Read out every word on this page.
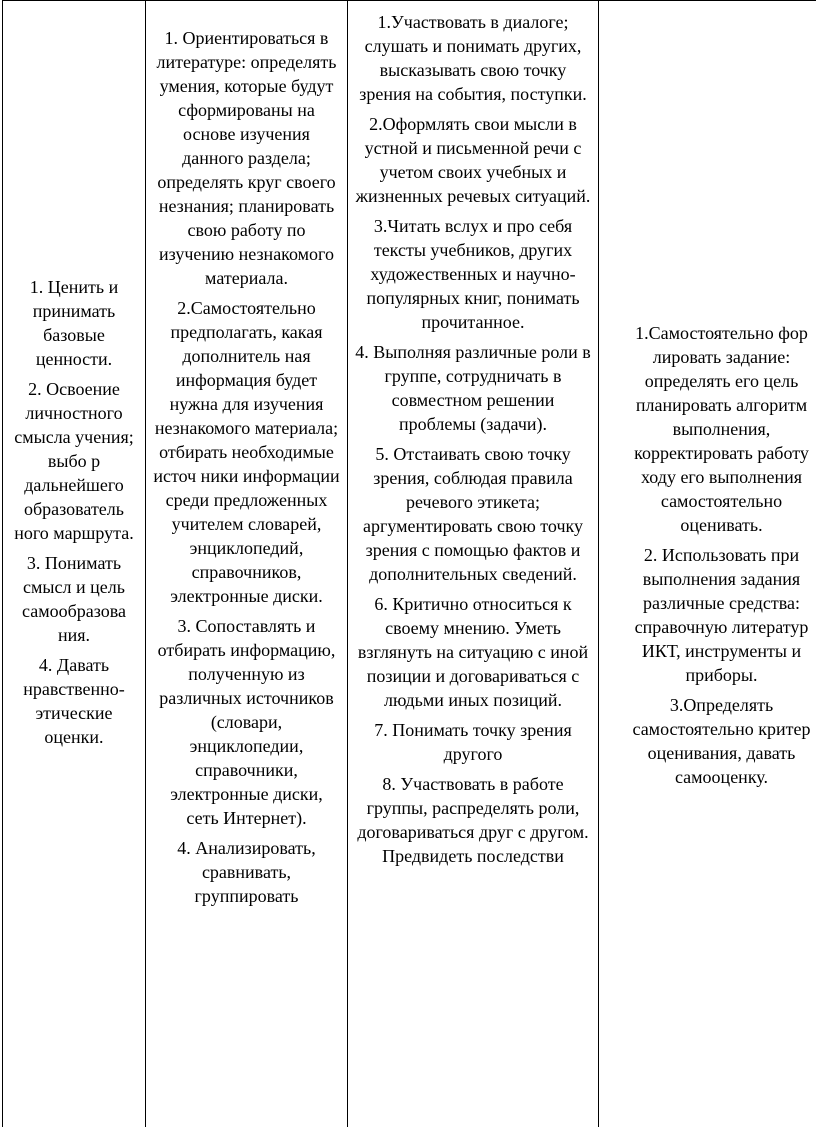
1. Ценить и принимать базовые ценности.

2. Освоение личностного смысла учения; выбо р дальнейшего образователь ного маршрута.

3. Понимать смысл и цель самообразова ния.

4. Давать нравственно-этические оценки.

1. Ориентироваться в литературе: определять умения, которые будут сформированы на основе изучения данного раздела; определять круг своего незнания; планировать свою работу по изучению незнакомого материала.

2.Самостоятельно предполагать, какая дополнитель ная информация будет нужна для изучения незнакомого материала; отбирать необходимые источ ники информации среди предложенных учителем словарей, энциклопедий, справочников, электронные диски.

3. Сопоставлять и отбирать информацию, полученную из различных источников (словари, энциклопедии, справочники, электронные диски, сеть Интернет).

4. Анализировать, сравнивать, группировать

1.Участвовать в диалоге; слушать и понимать других, высказывать свою точку зрения на события, поступки.

2.Оформлять свои мысли в устной и письменной речи с учетом своих учебных и жизненных речевых ситуаций.

3.Читать вслух и про себя тексты учебников, других художественных и научно-популярных книг, понимать прочитанное.

4. Выполняя различные роли в группе, сотрудничать в совместном решении проблемы (задачи).

5. Отстаивать свою точку зрения, соблюдая правила речевого этикета; аргументировать свою точку зрения с помощью фактов и дополнительных сведений.

6. Критично относиться к своему мнению. Уметь взглянуть на ситуацию с иной позиции и договариваться с людьми иных позиций.

7. Понимать точку зрения другого

8. Участвовать в работе группы, распределять роли, договариваться друг с другом. Предвидеть последстви

1.Самостоятельно фор
лировать задание:
определять его цель
планировать алгоритм
выполнения,
корректировать работу
ходу его выполнения
самостоятельно
оценивать.

2. Использовать при
выполнения задания
различные средства:
справочную литератур
ИКТ, инструменты и
приборы.

3.Определять
самостоятельно критер
оценивания, давать
самооценку.
